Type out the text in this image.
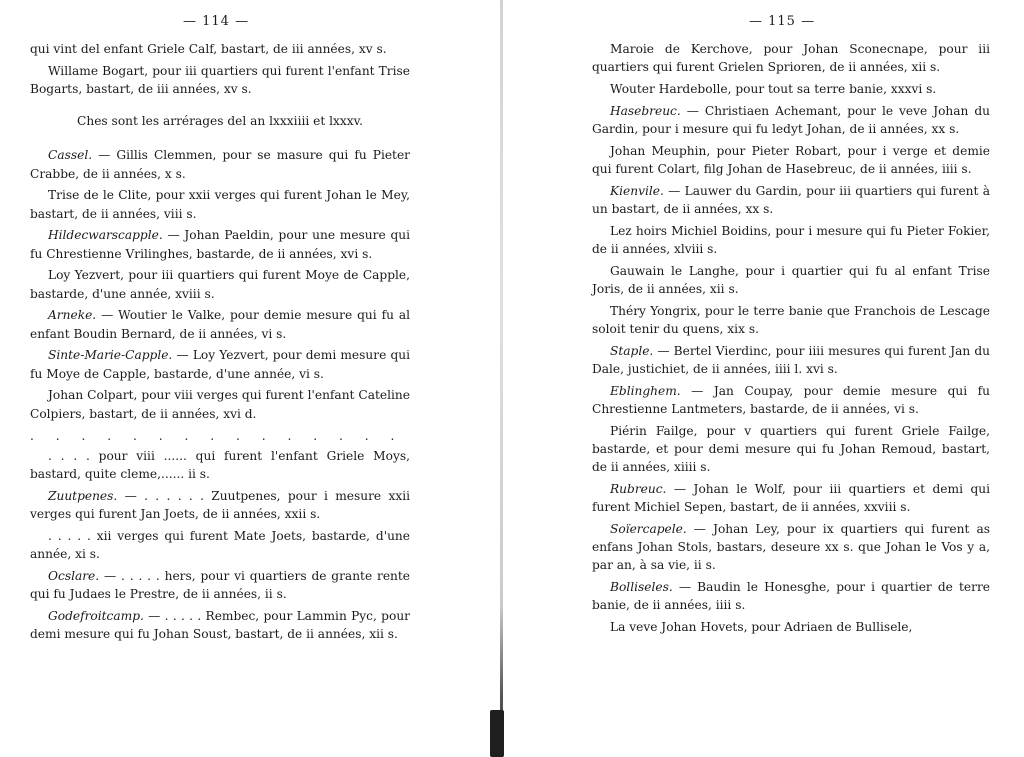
— 114 —

qui vint del enfant Griele Calf, bastart, de iii années, xv s.

Willame Bogart, pour iii quartiers qui furent l'enfant Trise Bogarts, bastart, de iii années, xv s.

Ches sont les arrérages del an lxxxiiii et lxxxv.

Cassel. — Gillis Clemmen, pour se masure qui fu Pieter Crabbe, de ii années, x s.

Trise de le Clite, pour xxii verges qui furent Johan le Mey, bastart, de ii années, viii s.

Hildecwarscapple. — Johan Paeldin, pour une mesure qui fu Chrestienne Vrilinghes, bastarde, de ii années, xvi s.

Loy Yezvert, pour iii quartiers qui furent Moye de Capple, bastarde, d'une année, xviii s.

Arneke. — Woutier le Valke, pour demie mesure qui fu al enfant Boudin Bernard, de ii années, vi s.

Sinte-Marie-Capple. — Loy Yezvert, pour demi mesure qui fu Moye de Capple, bastarde, d'une année, vi s.

Johan Colpart, pour viii verges qui furent l'enfant Cateline Colpiers, bastart, de ii années, xvi d.

. . . . . . . . . . . . . . .

. . . . pour viii ...... qui furent l'enfant Griele Moys, bastard, quite cleme,...... ii s.

Zuutpenes. — . . . . . . Zuutpenes, pour i mesure xxii verges qui furent Jan Joets, de ii années, xxii s.

. . . . . xii verges qui furent Mate Joets, bastarde, d'une année, xi s.

Ocslare. — . . . . . hers, pour vi quartiers de grante rente qui fu Judaes le Prestre, de ii années, ii s.

Godefroitcamp. — . . . . . Rembec, pour Lammin Pyc, pour demi mesure qui fu Johan Soust, bastart, de ii années, xii s.

— 115 —

Maroie de Kerchove, pour Johan Sconecnape, pour iii quartiers qui furent Grielen Sprioren, de ii années, xii s.

Wouter Hardebolle, pour tout sa terre banie, xxxvi s.

Hasebreuc. — Christiaen Achemant, pour le veve Johan du Gardin, pour i mesure qui fu ledyt Johan, de ii années, xx s.

Johan Meuphin, pour Pieter Robart, pour i verge et demie qui furent Colart, filg Johan de Hasebreuc, de ii années, iiii s.

Kienvile. — Lauwer du Gardin, pour iii quartiers qui furent à un bastart, de ii années, xx s.

Lez hoirs Michiel Boidins, pour i mesure qui fu Pieter Fokier, de ii années, xlviii s.

Gauwain le Langhe, pour i quartier qui fu al enfant Trise Joris, de ii années, xii s.

Théry Yongrix, pour le terre banie que Franchois de Lescage soloit tenir du quens, xix s.

Staple. — Bertel Vierdinc, pour iiii mesures qui furent Jan du Dale, justichiet, de ii années, iiii l. xvi s.

Eblinghem. — Jan Coupay, pour demie mesure qui fu Chrestienne Lantmeters, bastarde, de ii années, vi s.

Piérin Failge, pour v quartiers qui furent Griele Failge, bastarde, et pour demi mesure qui fu Johan Remoud, bastart, de ii années, xiiii s.

Rubreuc. — Johan le Wolf, pour iii quartiers et demi qui furent Michiel Sepen, bastart, de ii années, xxviii s.

Soïercapele. — Johan Ley, pour ix quartiers qui furent as enfans Johan Stols, bastars, deseure xx s. que Johan le Vos y a, par an, à sa vie, ii s.

Bolliseles. — Baudin le Honesghe, pour i quartier de terre banie, de ii années, iiii s.

La veve Johan Hovets, pour Adriaen de Bullisele,
